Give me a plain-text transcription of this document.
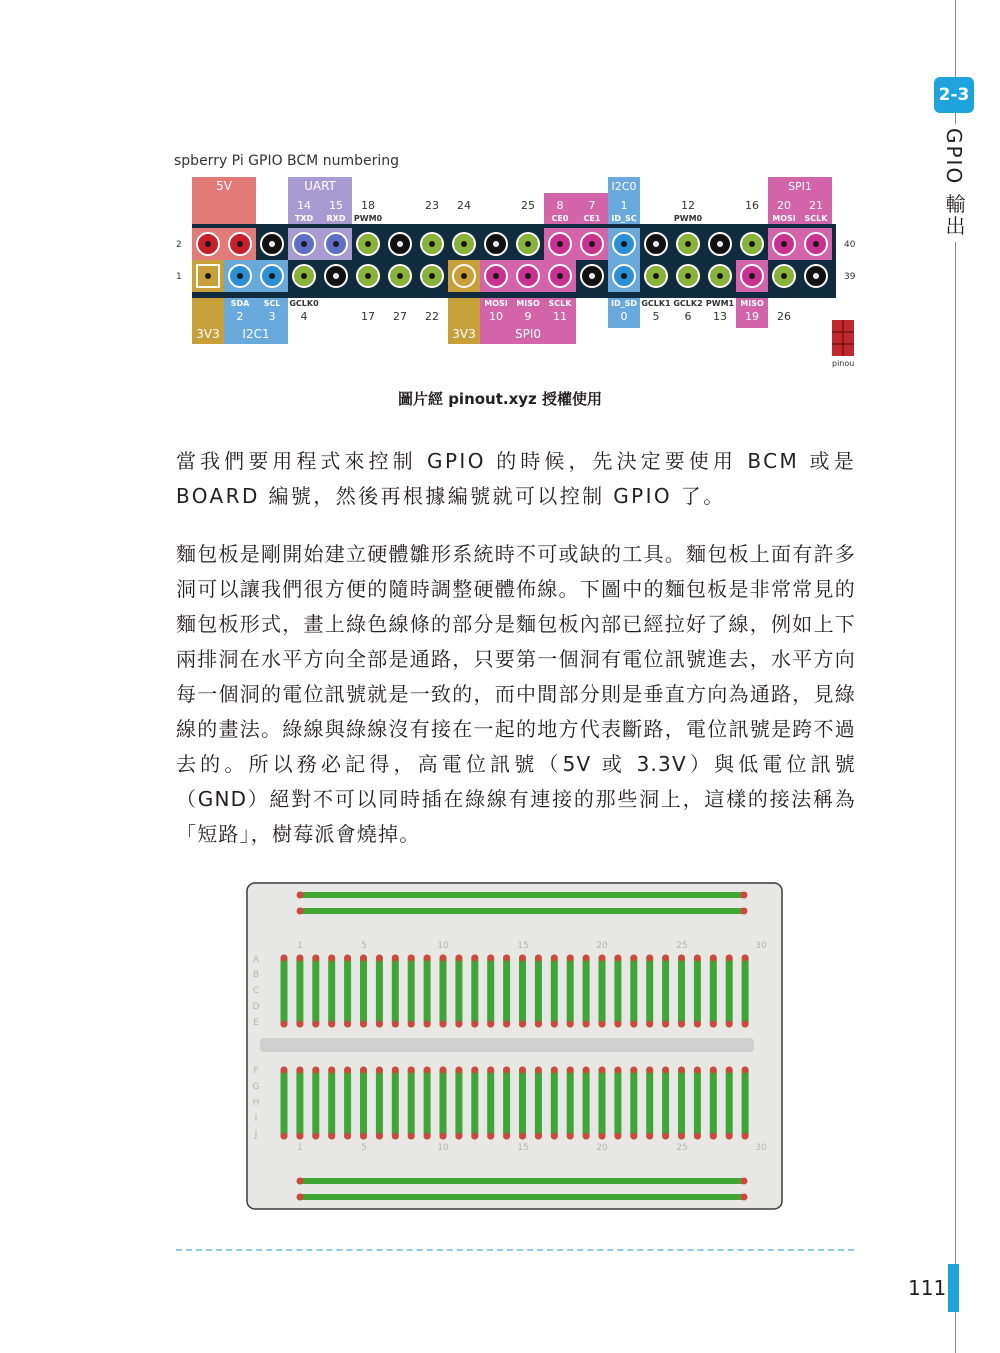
2-3
GPIO 輸出
spberry Pi GPIO BCM numbering
5V	UART	I2C0	SPI1
14 15 18	23 24	25 8 7 1	12	16 20 21
TXD RXD PWM0	CE0 CE1 ID_SC	PWM0	MOSI SCLK
2
1
40
39
SDA SCL GCLK0	MOSI MISO SCLK	ID_SD GCLK1 GCLK2 PWM1 MISO
2 3 4	17 27 22	10 9 11	0 5 6 13 19 26
3V3 I2C1	3V3	SPI0
pinou
圖片經 pinout.xyz 授權使用

當我們要用程式來控制 GPIO 的時候，先決定要使用 BCM 或是 BOARD 編號，然後再根據編號就可以控制 GPIO 了。

麵包板是剛開始建立硬體雛形系統時不可或缺的工具。麵包板上面有許多洞可以讓我們很方便的隨時調整硬體佈線。下圖中的麵包板是非常常見的麵包板形式，畫上綠色線條的部分是麵包板內部已經拉好了線，例如上下兩排洞在水平方向全部是通路，只要第一個洞有電位訊號進去，水平方向每一個洞的電位訊號就是一致的，而中間部分則是垂直方向為通路，見綠線的畫法。綠線與綠線沒有接在一起的地方代表斷路，電位訊號是跨不過去的。所以務必記得，高電位訊號（5V 或 3.3V）與低電位訊號（GND）絕對不可以同時插在綠線有連接的那些洞上，這樣的接法稱為「短路」，樹莓派會燒掉。

1	5	10	15	20	25	30
1	5	10	15	20	25	30
A
B
C
D
E
F
G
H
I
J
111
